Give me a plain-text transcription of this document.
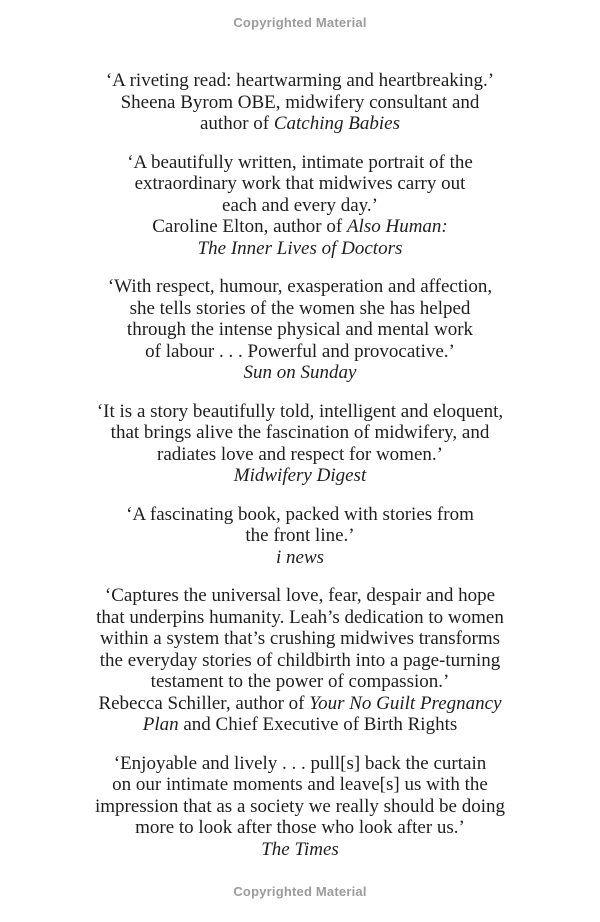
Copyrighted Material
‘A riveting read: heartwarming and heartbreaking.’
Sheena Byrom OBE, midwifery consultant and
author of Catching Babies
‘A beautifully written, intimate portrait of the
extraordinary work that midwives carry out
each and every day.’
Caroline Elton, author of Also Human:
The Inner Lives of Doctors
‘With respect, humour, exasperation and affection,
she tells stories of the women she has helped
through the intense physical and mental work
of labour . . . Powerful and provocative.’
Sun on Sunday
‘It is a story beautifully told, intelligent and eloquent,
that brings alive the fascination of midwifery, and
radiates love and respect for women.’
Midwifery Digest
‘A fascinating book, packed with stories from
the front line.’
i news
‘Captures the universal love, fear, despair and hope
that underpins humanity. Leah’s dedication to women
within a system that’s crushing midwives transforms
the everyday stories of childbirth into a page-turning
testament to the power of compassion.’
Rebecca Schiller, author of Your No Guilt Pregnancy
Plan and Chief Executive of Birth Rights
‘Enjoyable and lively . . . pull[s] back the curtain
on our intimate moments and leave[s] us with the
impression that as a society we really should be doing
more to look after those who look after us.’
The Times
Copyrighted Material
